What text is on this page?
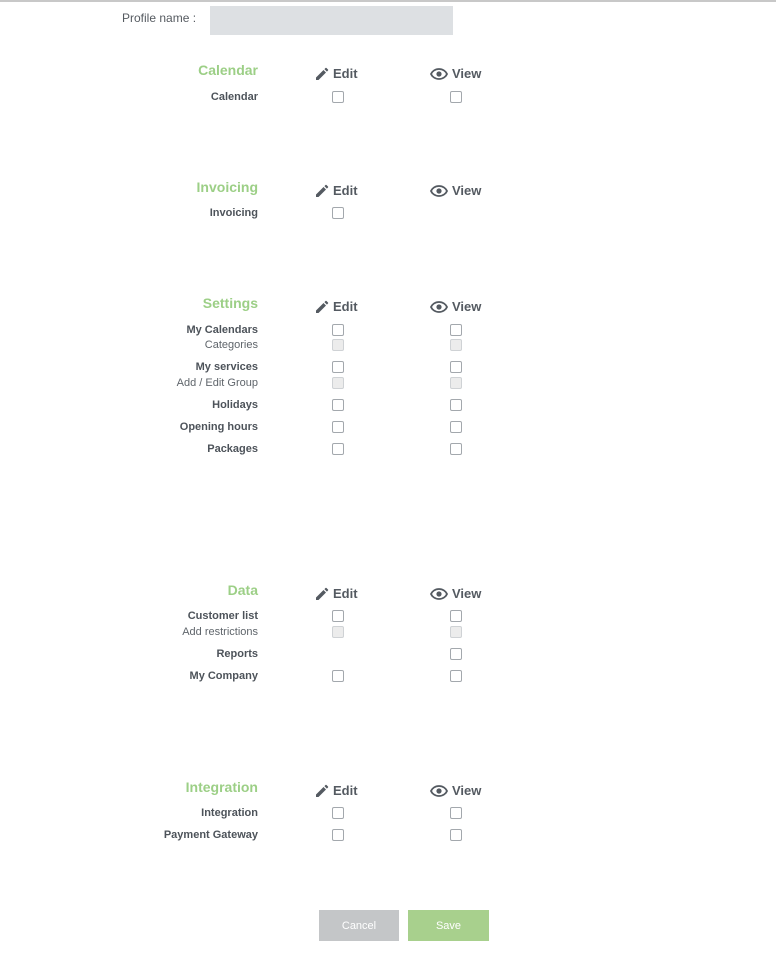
Profile name :
Calendar	Edit	View
Calendar
Invoicing	Edit	View
Invoicing
Settings	Edit	View
My Calendars
Categories
My services
Add / Edit Group
Holidays
Opening hours
Packages
Data	Edit	View
Customer list
Add restrictions
Reports
My Company
Integration	Edit	View
Integration
Payment Gateway
Cancel	Save
